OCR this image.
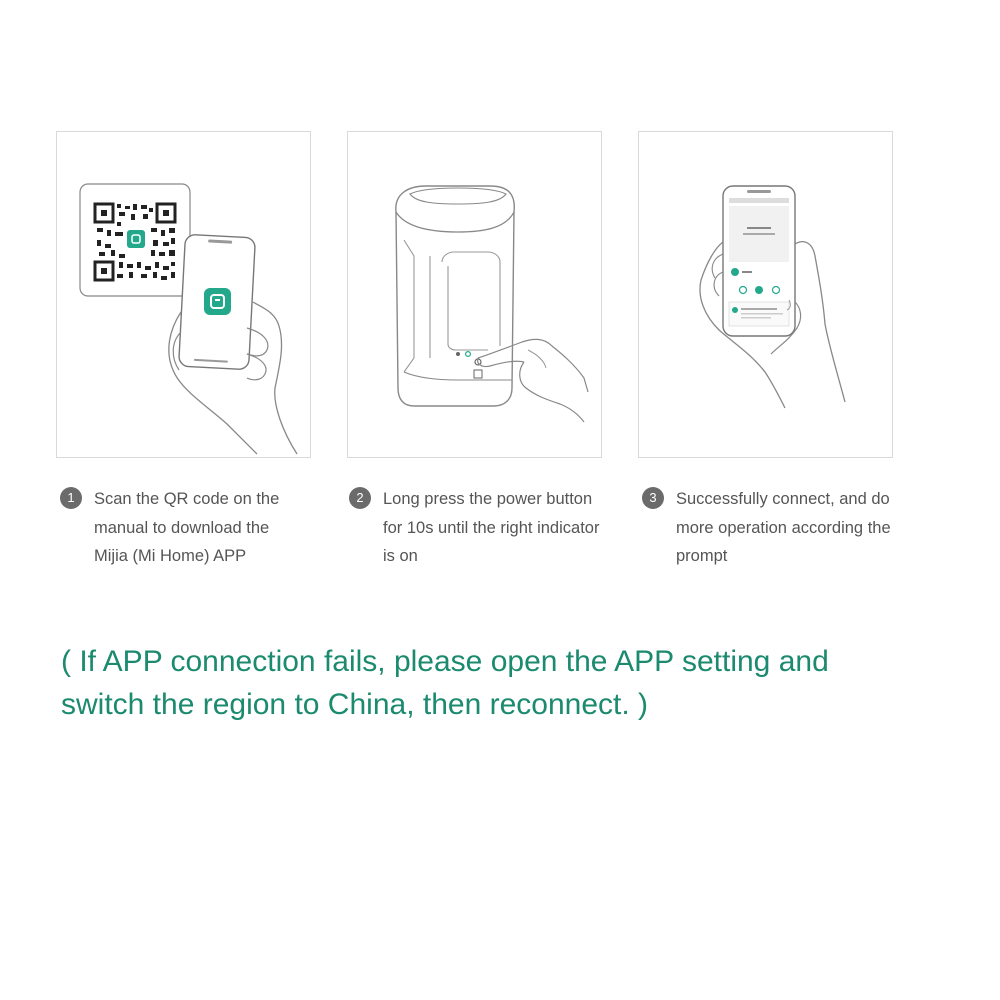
1	Scan the QR code on the
manual to download the
Mijia (Mi Home) APP
2	Long press the power button
for 10s until the right indicator
is on
3	Successfully connect, and do
more operation according the
prompt
( If APP connection fails, please open the APP setting and
switch the region to China, then reconnect. )
